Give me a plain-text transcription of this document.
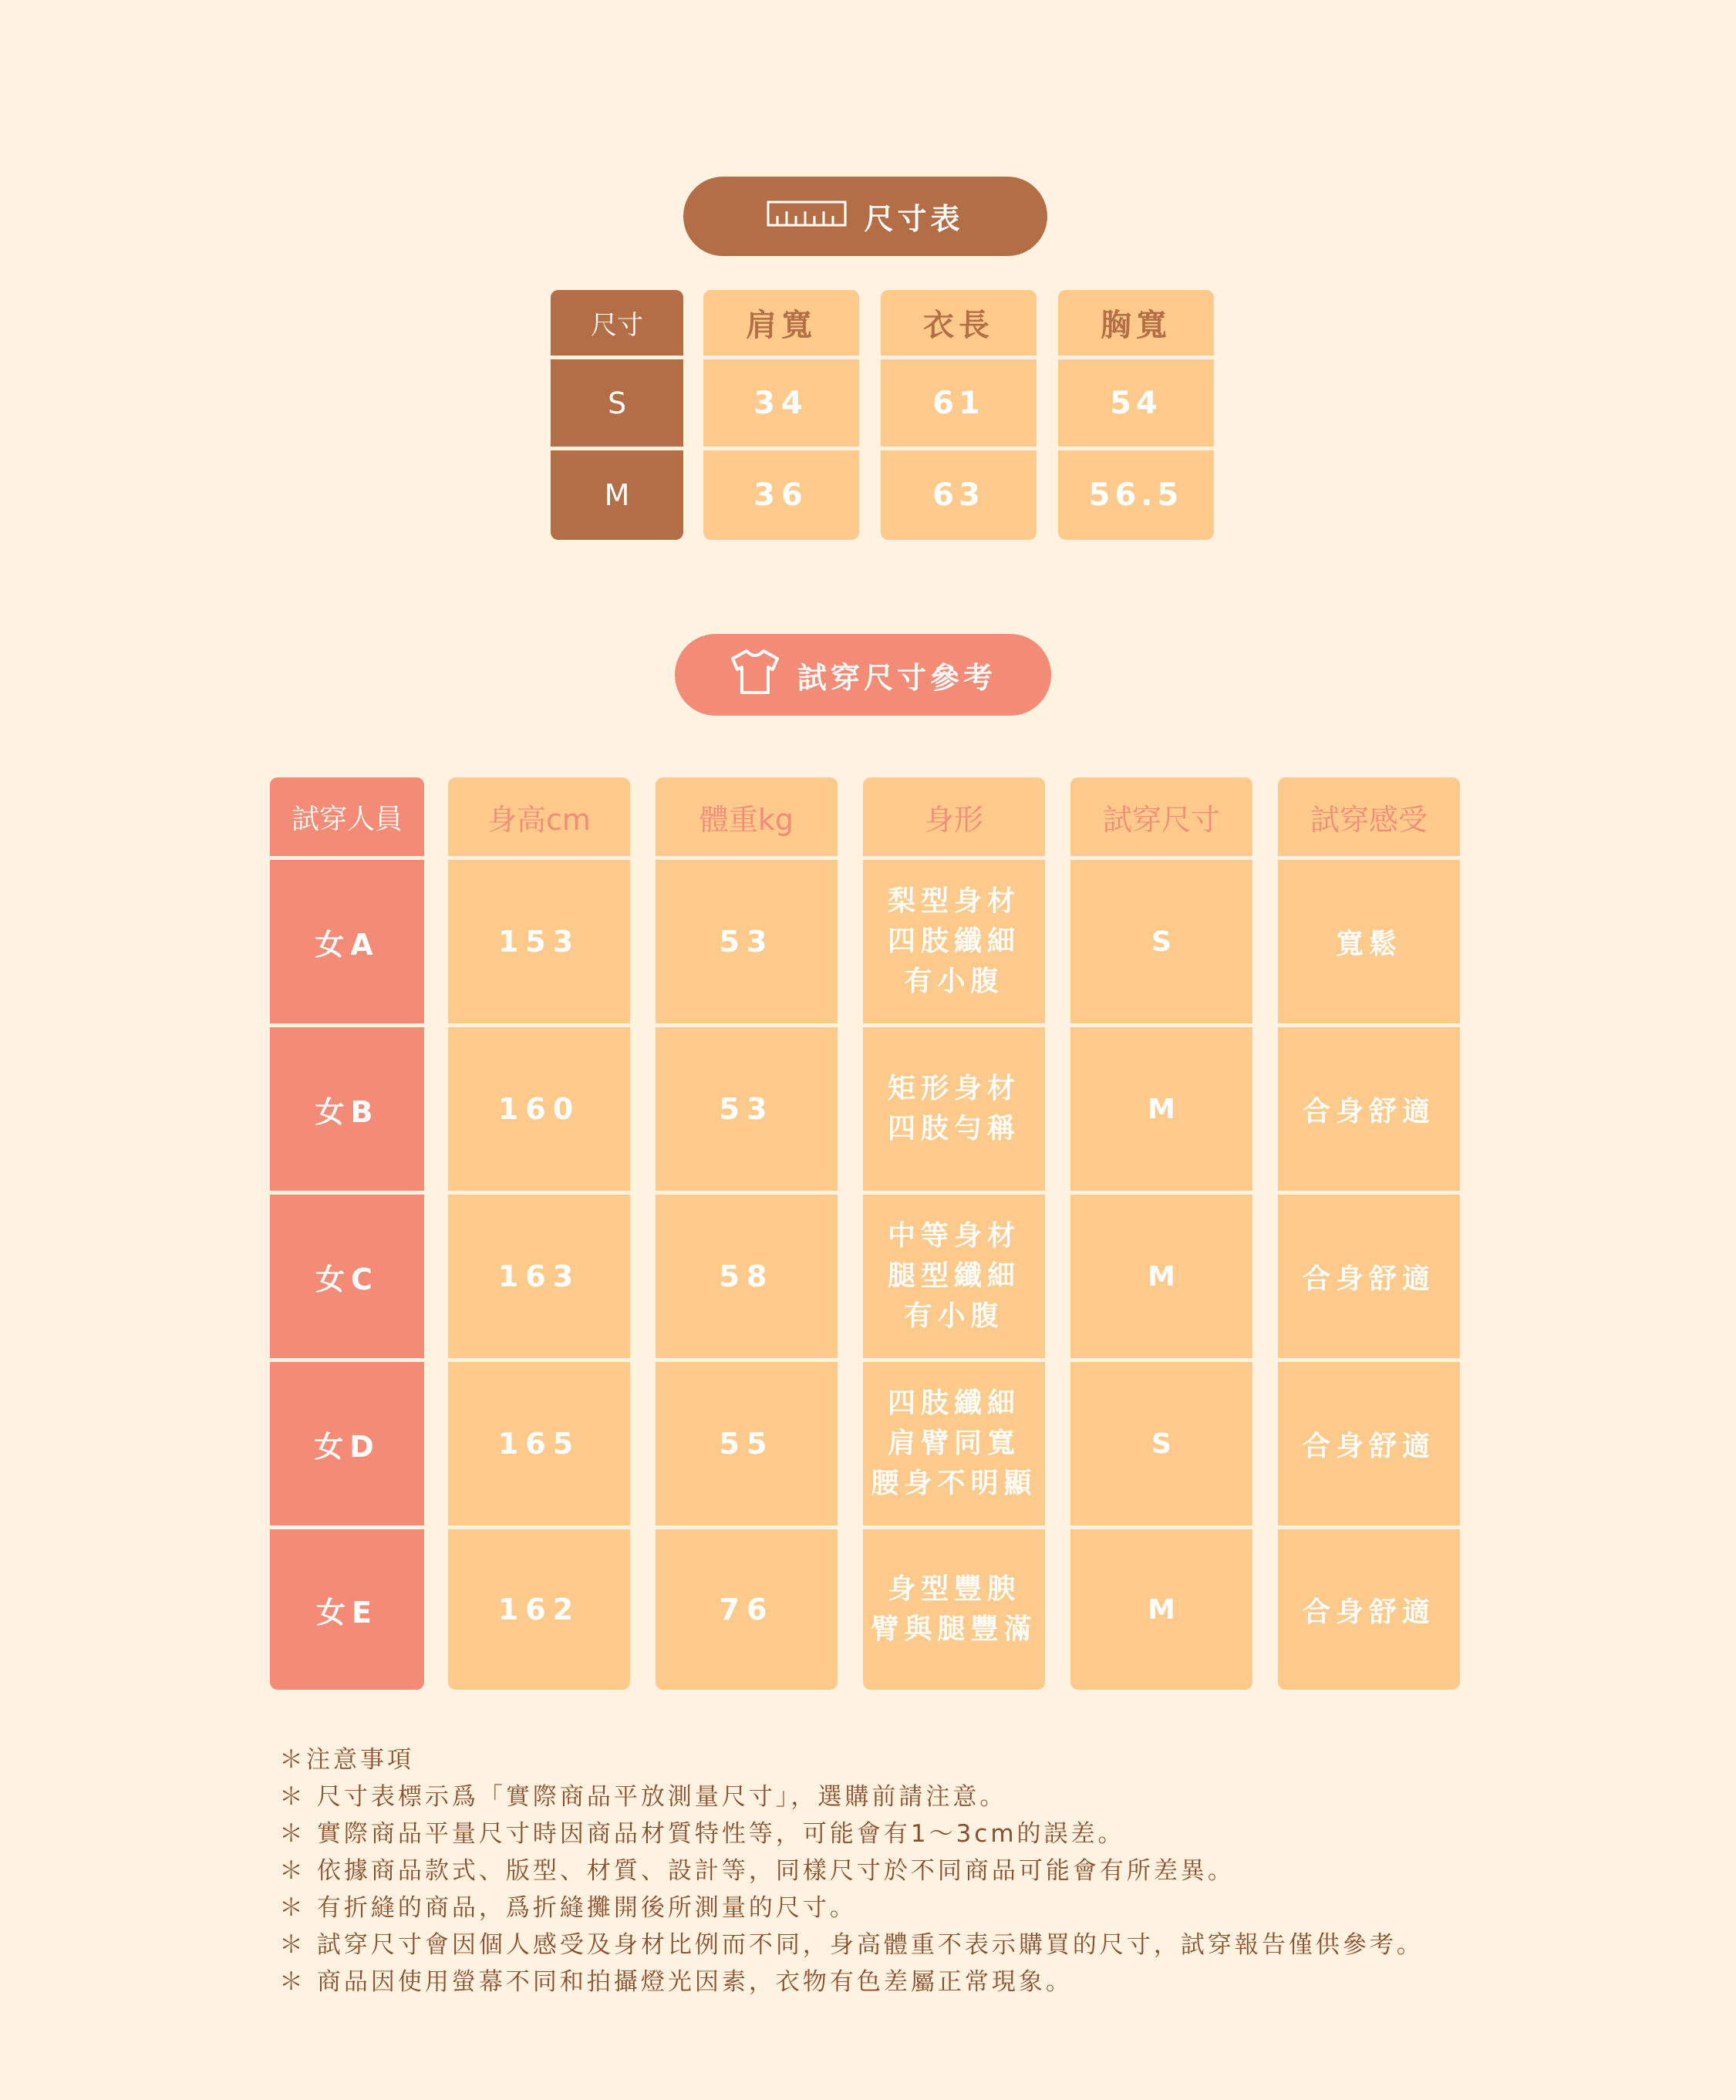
尺寸表
尺寸
S
M
肩寬
34
36
衣長
61
63
胸寬
54
56.5
試穿尺寸參考
試穿人員
女A
女B
女C
女D
女E
身高cm
153
160
163
165
162
體重kg
53
53
58
55
76
身形
梨型身材
四肢纖細
有小腹
矩形身材
四肢勻稱
中等身材
腿型纖細
有小腹
四肢纖細
肩臂同寬
腰身不明顯
身型豐腴
臂與腿豐滿
試穿尺寸
S
M
M
S
M
試穿感受
寬鬆
合身舒適
合身舒適
合身舒適
合身舒適
＊注意事項
＊ 尺寸表標示爲「實際商品平放測量尺寸」，選購前請注意。
＊ 實際商品平量尺寸時因商品材質特性等，可能會有1～3cm的誤差。
＊ 依據商品款式、版型、材質、設計等，同樣尺寸於不同商品可能會有所差異。
＊ 有折縫的商品，爲折縫攤開後所測量的尺寸。
＊ 試穿尺寸會因個人感受及身材比例而不同，身高體重不表示購買的尺寸，試穿報告僅供參考。
＊ 商品因使用螢幕不同和拍攝燈光因素，衣物有色差屬正常現象。
